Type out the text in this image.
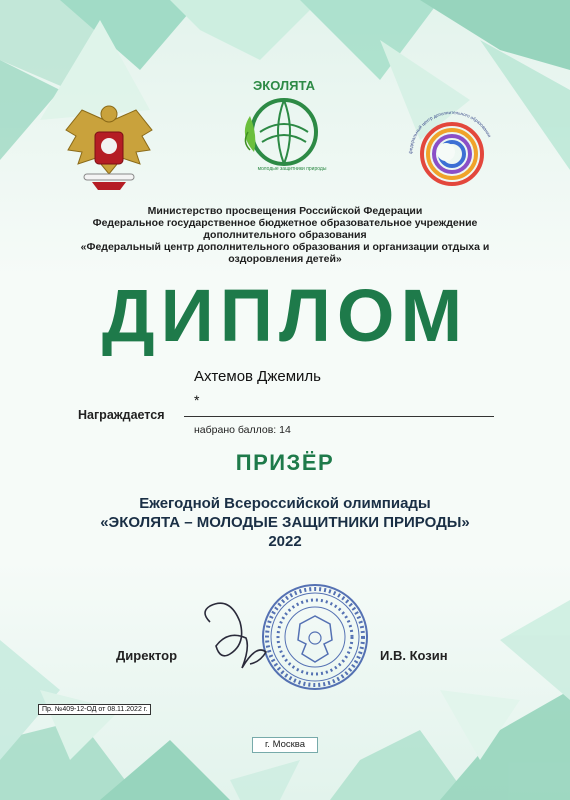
ЭКОЛЯТА
молодые защитники природы
федеральный центр дополнительного образования
Министерство просвещения Российской Федерации
Федеральное государственное бюджетное образовательное учреждение
дополнительного образования
«Федеральный центр дополнительного образования и организации отдыха и
оздоровления детей»
ДИПЛОМ
Ахтемов Джемиль
*
Награждается
набрано баллов: 14
ПРИЗЁР
Ежегодной Всероссийской олимпиады
«ЭКОЛЯТА – МОЛОДЫЕ ЗАЩИТНИКИ ПРИРОДЫ»
2022
Директор	И.В. Козин
Пр. №409-12-ОД от 08.11.2022 г.
г. Москва
